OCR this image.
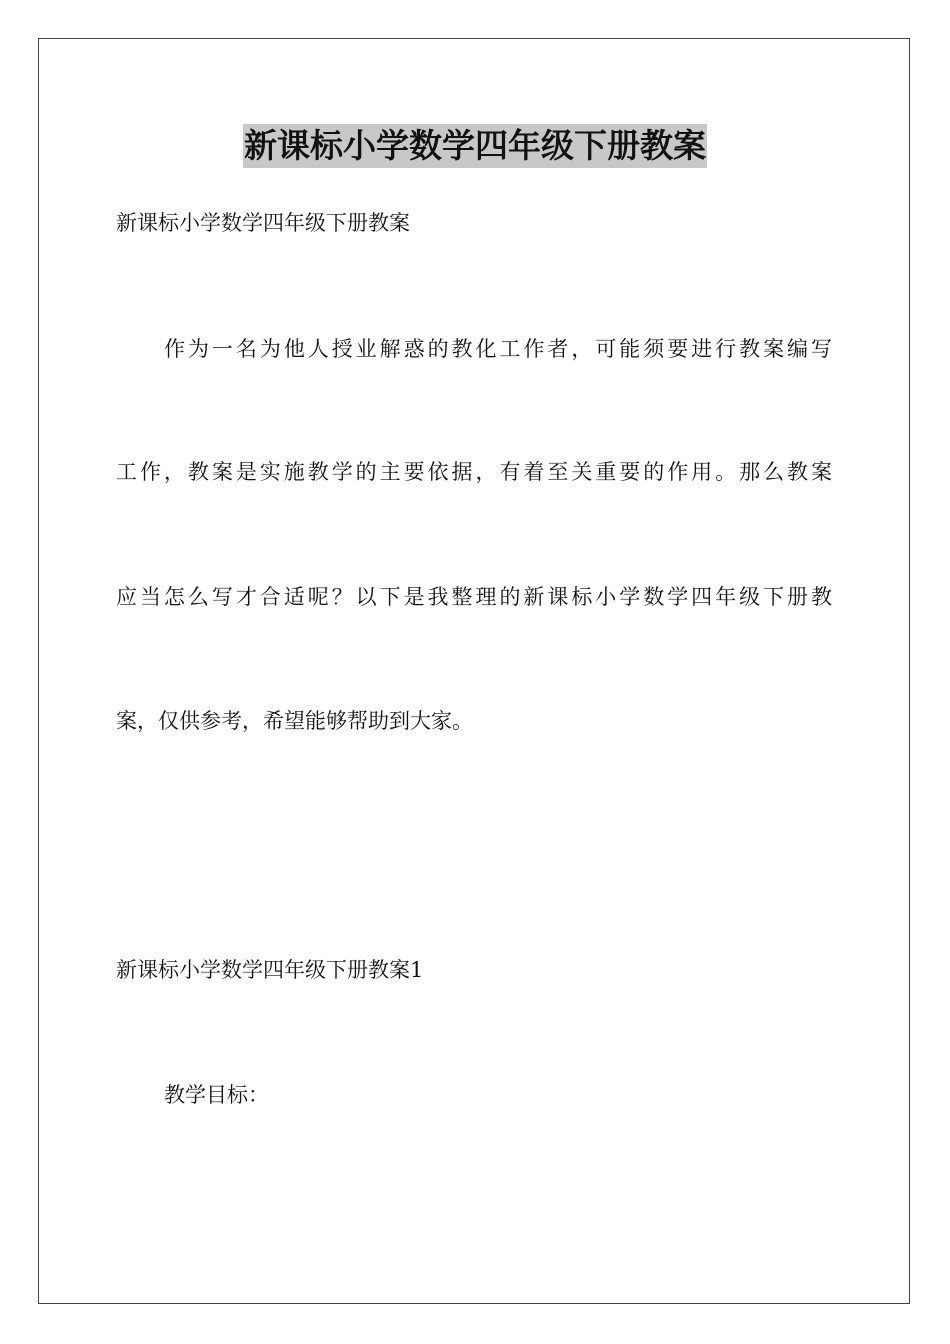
新课标小学数学四年级下册教案
新课标小学数学四年级下册教案
作为一名为他人授业解惑的教化工作者，可能须要进行教案编写
工作，教案是实施教学的主要依据，有着至关重要的作用。那么教案
应当怎么写才合适呢？以下是我整理的新课标小学数学四年级下册教
案，仅供参考，希望能够帮助到大家。
新课标小学数学四年级下册教案1
教学目标：
